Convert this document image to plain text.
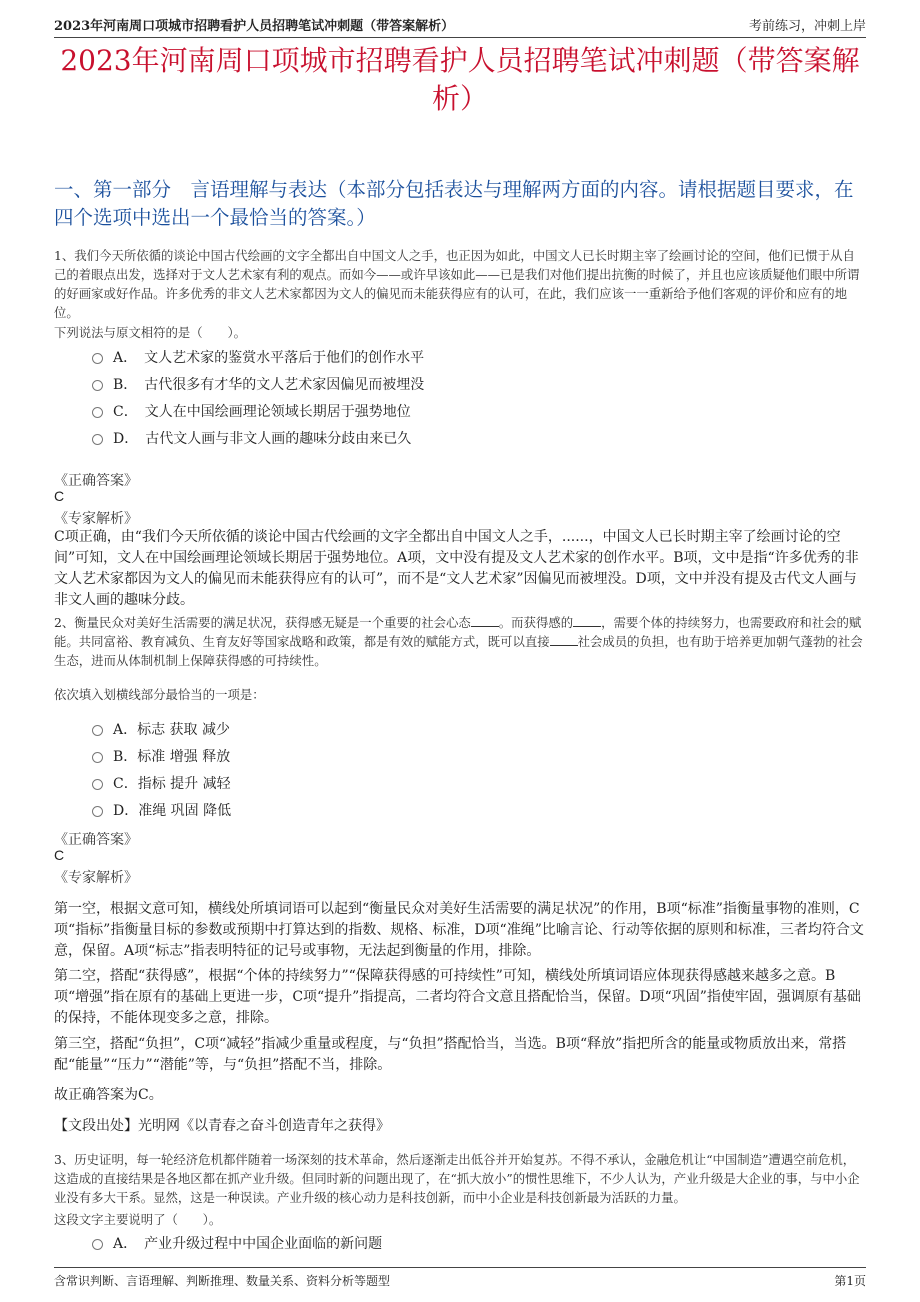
2023年河南周口项城市招聘看护人员招聘笔试冲刺题（带答案解析）	考前练习，冲刺上岸
2023年河南周口项城市招聘看护人员招聘笔试冲刺题（带答案解析）
一、第一部分　言语理解与表达（本部分包括表达与理解两方面的内容。请根据题目要求，在四个选项中选出一个最恰当的答案。）
1、我们今天所依循的谈论中国古代绘画的文字全都出自中国文人之手，也正因为如此，中国文人已长时期主宰了绘画讨论的空间，他们已惯于从自己的着眼点出发，选择对于文人艺术家有利的观点。而如今——或许早该如此——已是我们对他们提出抗衡的时候了，并且也应该质疑他们眼中所谓的好画家或好作品。许多优秀的非文人艺术家都因为文人的偏见而未能获得应有的认可，在此，我们应该一一重新给予他们客观的评价和应有的地位。
下列说法与原文相符的是（　　）。
A．　文人艺术家的鉴赏水平落后于他们的创作水平
B．　古代很多有才华的文人艺术家因偏见而被埋没
C．　文人在中国绘画理论领域长期居于强势地位
D．　古代文人画与非文人画的趣味分歧由来已久
《正确答案》
C
《专家解析》
C项正确，由“我们今天所依循的谈论中国古代绘画的文字全都出自中国文人之手，......，中国文人已长时期主宰了绘画讨论的空间”可知，文人在中国绘画理论领域长期居于强势地位。A项，文中没有提及文人艺术家的创作水平。B项，文中是指“许多优秀的非文人艺术家都因为文人的偏见而未能获得应有的认可”，而不是“文人艺术家”因偏见而被埋没。D项，文中并没有提及古代文人画与非文人画的趣味分歧。
2、衡量民众对美好生活需要的满足状况，获得感无疑是一个重要的社会心态 。而获得感的 ，需要个体的持续努力，也需要政府和社会的赋能。共同富裕、教育减负、生育友好等国家战略和政策，都是有效的赋能方式，既可以直接 社会成员的负担，也有助于培养更加朝气蓬勃的社会生态，进而从体制机制上保障获得感的可持续性。
依次填入划横线部分最恰当的一项是：
A．标志 获取 减少
B．标准 增强 释放
C．指标 提升 减轻
D．准绳 巩固 降低
《正确答案》
C
《专家解析》
第一空，根据文意可知，横线处所填词语可以起到“衡量民众对美好生活需要的满足状况”的作用，B项“标准”指衡量事物的准则，C项“指标”指衡量目标的参数或预期中打算达到的指数、规格、标准，D项“准绳”比喻言论、行动等依据的原则和标准，三者均符合文意，保留。A项“标志”指表明特征的记号或事物，无法起到衡量的作用，排除。
第二空，搭配“获得感”，根据“个体的持续努力”“保障获得感的可持续性”可知，横线处所填词语应体现获得感越来越多之意。B项“增强”指在原有的基础上更进一步，C项“提升”指提高，二者均符合文意且搭配恰当，保留。D项“巩固”指使牢固，强调原有基础的保持，不能体现变多之意，排除。
第三空，搭配“负担”，C项“减轻”指减少重量或程度，与“负担”搭配恰当，当选。B项“释放”指把所含的能量或物质放出来，常搭配“能量”“压力”“潜能”等，与“负担”搭配不当，排除。
故正确答案为C。
【文段出处】光明网《以青春之奋斗创造青年之获得》
3、历史证明，每一轮经济危机都伴随着一场深刻的技术革命，然后逐渐走出低谷并开始复苏。不得不承认，金融危机让“中国制造”遭遇空前危机，这造成的直接结果是各地区都在抓产业升级。但同时新的问题出现了，在“抓大放小”的惯性思维下，不少人认为，产业升级是大企业的事，与中小企业没有多大干系。显然，这是一种误读。产业升级的核心动力是科技创新，而中小企业是科技创新最为活跃的力量。
这段文字主要说明了（　　）。
A．　产业升级过程中中国企业面临的新问题
含常识判断、言语理解、判断推理、数量关系、资料分析等题型	第1页
